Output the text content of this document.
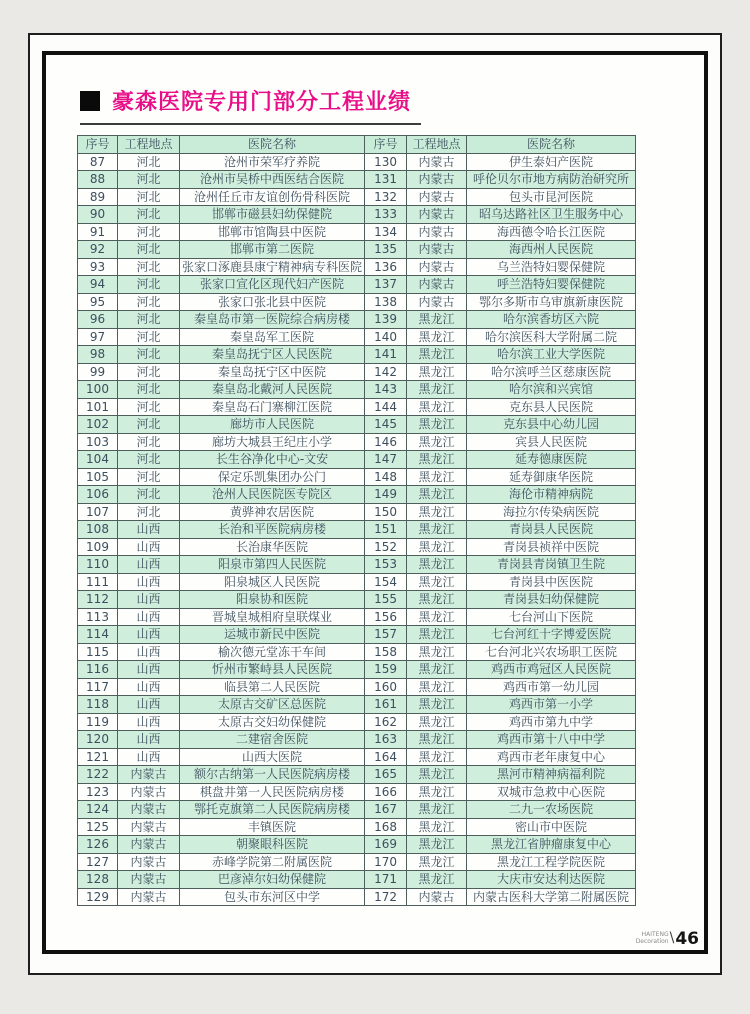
豪森医院专用门部分工程业绩
序号	工程地点	医院名称	序号	工程地点	医院名称
87	河北	沧州市荣军疗养院	130	内蒙古	伊生泰妇产医院
88	河北	沧州市吴桥中西医结合医院	131	内蒙古	呼伦贝尔市地方病防治研究所
89	河北	沧州任丘市友谊创伤骨科医院	132	内蒙古	包头市昆河医院
90	河北	邯郸市磁县妇幼保健院	133	内蒙古	昭乌达路社区卫生服务中心
91	河北	邯郸市馆陶县中医院	134	内蒙古	海西德令哈长江医院
92	河北	邯郸市第二医院	135	内蒙古	海西州人民医院
93	河北	张家口涿鹿县康宁精神病专科医院	136	内蒙古	乌兰浩特妇婴保健院
94	河北	张家口宣化区现代妇产医院	137	内蒙古	呼兰浩特妇婴保健院
95	河北	张家口张北县中医院	138	内蒙古	鄂尔多斯市乌审旗新康医院
96	河北	秦皇岛市第一医院综合病房楼	139	黑龙江	哈尔滨香坊区六院
97	河北	秦皇岛军工医院	140	黑龙江	哈尔滨医科大学附属二院
98	河北	秦皇岛抚宁区人民医院	141	黑龙江	哈尔滨工业大学医院
99	河北	秦皇岛抚宁区中医院	142	黑龙江	哈尔滨呼兰区慈康医院
100	河北	秦皇岛北戴河人民医院	143	黑龙江	哈尔滨和兴宾馆
101	河北	秦皇岛石门寨柳江医院	144	黑龙江	克东县人民医院
102	河北	廊坊市人民医院	145	黑龙江	克东县中心幼儿园
103	河北	廊坊大城县王纪庄小学	146	黑龙江	宾县人民医院
104	河北	长生谷净化中心-文安	147	黑龙江	延寿德康医院
105	河北	保定乐凯集团办公门	148	黑龙江	延寿御康华医院
106	河北	沧州人民医院医专院区	149	黑龙江	海伦市精神病院
107	河北	黄骅神农居医院	150	黑龙江	海拉尔传染病医院
108	山西	长治和平医院病房楼	151	黑龙江	青岗县人民医院
109	山西	长治康华医院	152	黑龙江	青岗县祯祥中医院
110	山西	阳泉市第四人民医院	153	黑龙江	青岗县青岗镇卫生院
111	山西	阳泉城区人民医院	154	黑龙江	青岗县中医医院
112	山西	阳泉协和医院	155	黑龙江	青岗县妇幼保健院
113	山西	晋城皇城相府皇联煤业	156	黑龙江	七台河山下医院
114	山西	运城市新民中医院	157	黑龙江	七台河红十字博爱医院
115	山西	榆次德元堂冻干车间	158	黑龙江	七台河北兴农场职工医院
116	山西	忻州市繁峙县人民医院	159	黑龙江	鸡西市鸡冠区人民医院
117	山西	临县第二人民医院	160	黑龙江	鸡西市第一幼儿园
118	山西	太原古交矿区总医院	161	黑龙江	鸡西市第一小学
119	山西	太原古交妇幼保健院	162	黑龙江	鸡西市第九中学
120	山西	二建宿舍医院	163	黑龙江	鸡西市第十八中中学
121	山西	山西大医院	164	黑龙江	鸡西市老年康复中心
122	内蒙古	额尔古纳第一人民医院病房楼	165	黑龙江	黑河市精神病福利院
123	内蒙古	棋盘井第一人民医院病房楼	166	黑龙江	双城市急救中心医院
124	内蒙古	鄂托克旗第二人民医院病房楼	167	黑龙江	二九一农场医院
125	内蒙古	丰镇医院	168	黑龙江	密山市中医院
126	内蒙古	朝聚眼科医院	169	黑龙江	黑龙江省肿瘤康复中心
127	内蒙古	赤峰学院第二附属医院	170	黑龙江	黑龙江工程学院医院
128	内蒙古	巴彦淖尔妇幼保健院	171	黑龙江	大庆市安达利达医院
129	内蒙古	包头市东河区中学	172	内蒙古	内蒙古医科大学第二附属医院
HAITENG
Decoration \ 46
